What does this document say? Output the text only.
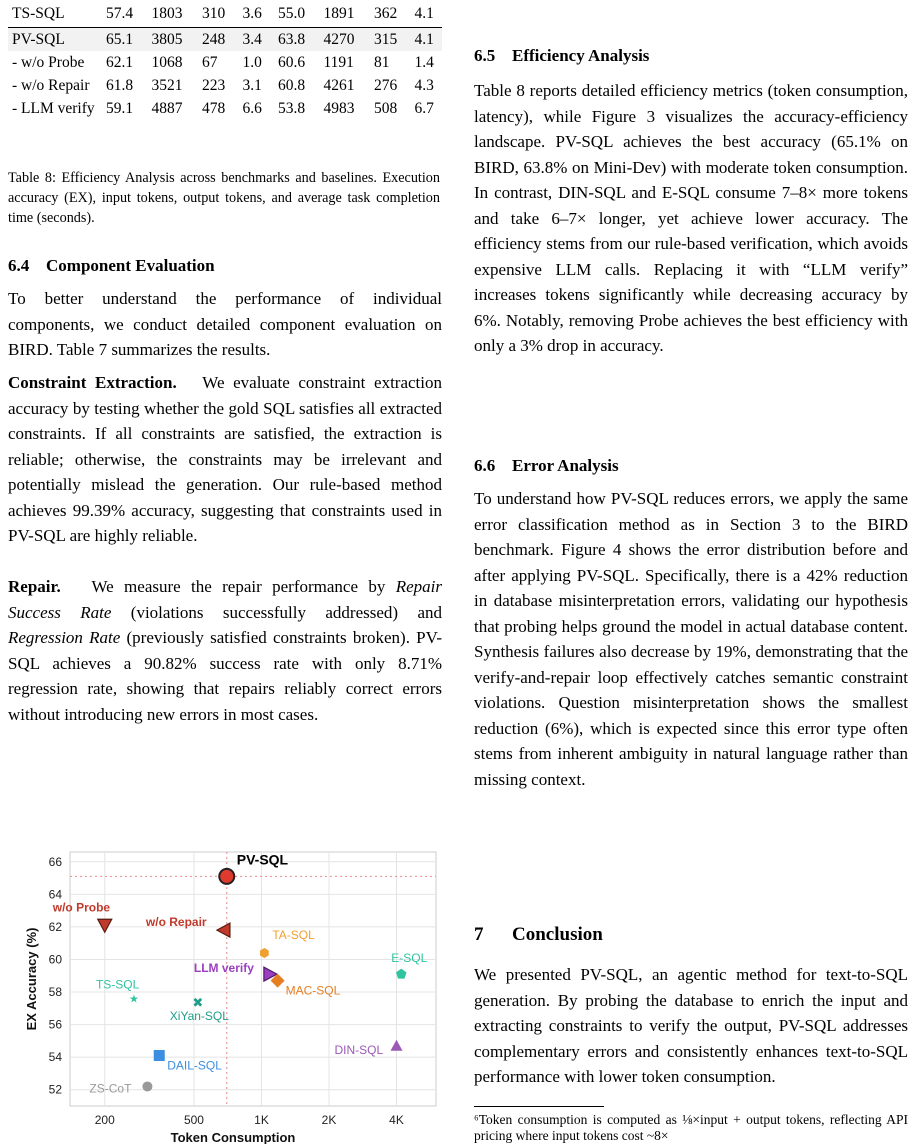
TS-SQL	57.4	1803	310	3.6	55.0	1891	362	4.1
PV-SQL	65.1	3805	248	3.4	63.8	4270	315	4.1
- w/o Probe	62.1	1068	67	1.0	60.6	1191	81	1.4
- w/o Repair	61.8	3521	223	3.1	60.8	4261	276	4.3
- LLM verify	59.1	4887	478	6.6	53.8	4983	508	6.7
Table 8: Efficiency Analysis across benchmarks and baselines. Execution accuracy (EX), input tokens, output tokens, and average task completion time (seconds).
6.4 Component Evaluation

To better understand the performance of individual components, we conduct detailed component evaluation on BIRD. Table 7 summarizes the results.

Constraint Extraction. We evaluate constraint extraction accuracy by testing whether the gold SQL satisfies all extracted constraints. If all constraints are satisfied, the extraction is reliable; otherwise, the constraints may be irrelevant and potentially mislead the generation. Our rule-based method achieves 99.39% accuracy, suggesting that constraints used in PV-SQL are highly reliable.

Repair. We measure the repair performance by Repair Success Rate (violations successfully addressed) and Regression Rate (previously satisfied constraints broken). PV-SQL achieves a 90.82% success rate with only 8.71% regression rate, showing that repairs reliably correct errors without introducing new errors in most cases.

52
54
56
58
60
62
64
66
200	500	1K	2K	4K
EX Accuracy (%)
Token Consumption
PV-SQL
w/o Probe
w/o Repair
TA-SQL
E-SQL
LLM verify
MAC-SQL
★
TS-SQL
✖
XiYan-SQL
DIN-SQL
DAIL-SQL
ZS-CoT
6.5 Efficiency Analysis

Table 8 reports detailed efficiency metrics (token consumption, latency), while Figure 3 visualizes the accuracy-efficiency landscape. PV-SQL achieves the best accuracy (65.1% on BIRD, 63.8% on Mini-Dev) with moderate token consumption. In contrast, DIN-SQL and E-SQL consume 7–8× more tokens and take 6–7× longer, yet achieve lower accuracy. The efficiency stems from our rule-based verification, which avoids expensive LLM calls. Replacing it with “LLM verify” increases tokens significantly while decreasing accuracy by 6%. Notably, removing Probe achieves the best efficiency with only a 3% drop in accuracy.

6.6 Error Analysis

To understand how PV-SQL reduces errors, we apply the same error classification method as in Section 3 to the BIRD benchmark. Figure 4 shows the error distribution before and after applying PV-SQL. Specifically, there is a 42% reduction in database misinterpretation errors, validating our hypothesis that probing helps ground the model in actual database content. Synthesis failures also decrease by 19%, demonstrating that the verify-and-repair loop effectively catches semantic constraint violations. Question misinterpretation shows the smallest reduction (6%), which is expected since this error type often stems from inherent ambiguity in natural language rather than missing context.

7 Conclusion

We presented PV-SQL, an agentic method for text-to-SQL generation. By probing the database to enrich the input and extracting constraints to verify the output, PV-SQL addresses complementary errors and consistently enhances text-to-SQL performance with lower token consumption.

⁶Token consumption is computed as ⅛×input + output tokens, reflecting API pricing where input tokens cost ~8×
